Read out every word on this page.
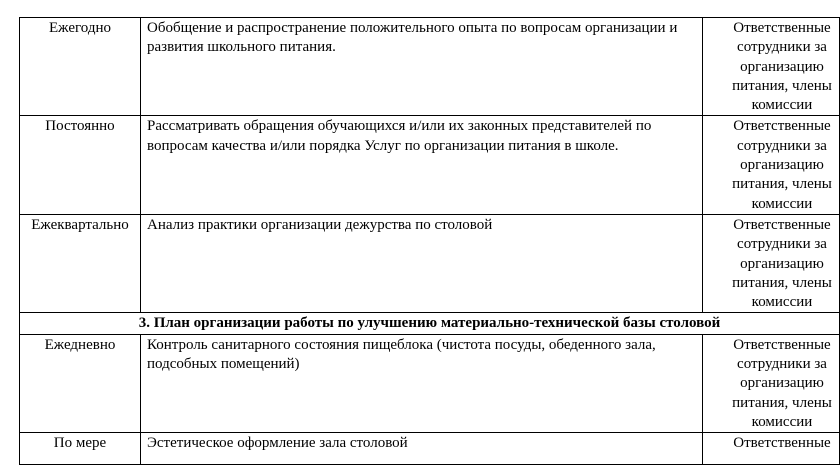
Ежегодно	Обобщение и распространение положительного опыта по вопросам организации и развития школьного питания.	Ответственные
сотрудники за
организацию
питания, члены
комиссии

Постоянно	Рассматривать обращения обучающихся и/или их законных представителей по вопросам качества и/или порядка Услуг по организации питания в школе.	Ответственные
сотрудники за
организацию
питания, члены
комиссии

Ежеквартально	Анализ практики организации дежурства по столовой	Ответственные
сотрудники за
организацию
питания, члены
комиссии

3. План организации работы по улучшению материально-технической базы столовой		
Ежедневно	Контроль санитарного состояния пищеблока (чистота посуды, обеденного зала, подсобных помещений)	Ответственные
сотрудники за
организацию
питания, члены
комиссии

По мере	Эстетическое оформление зала столовой	Ответственные
